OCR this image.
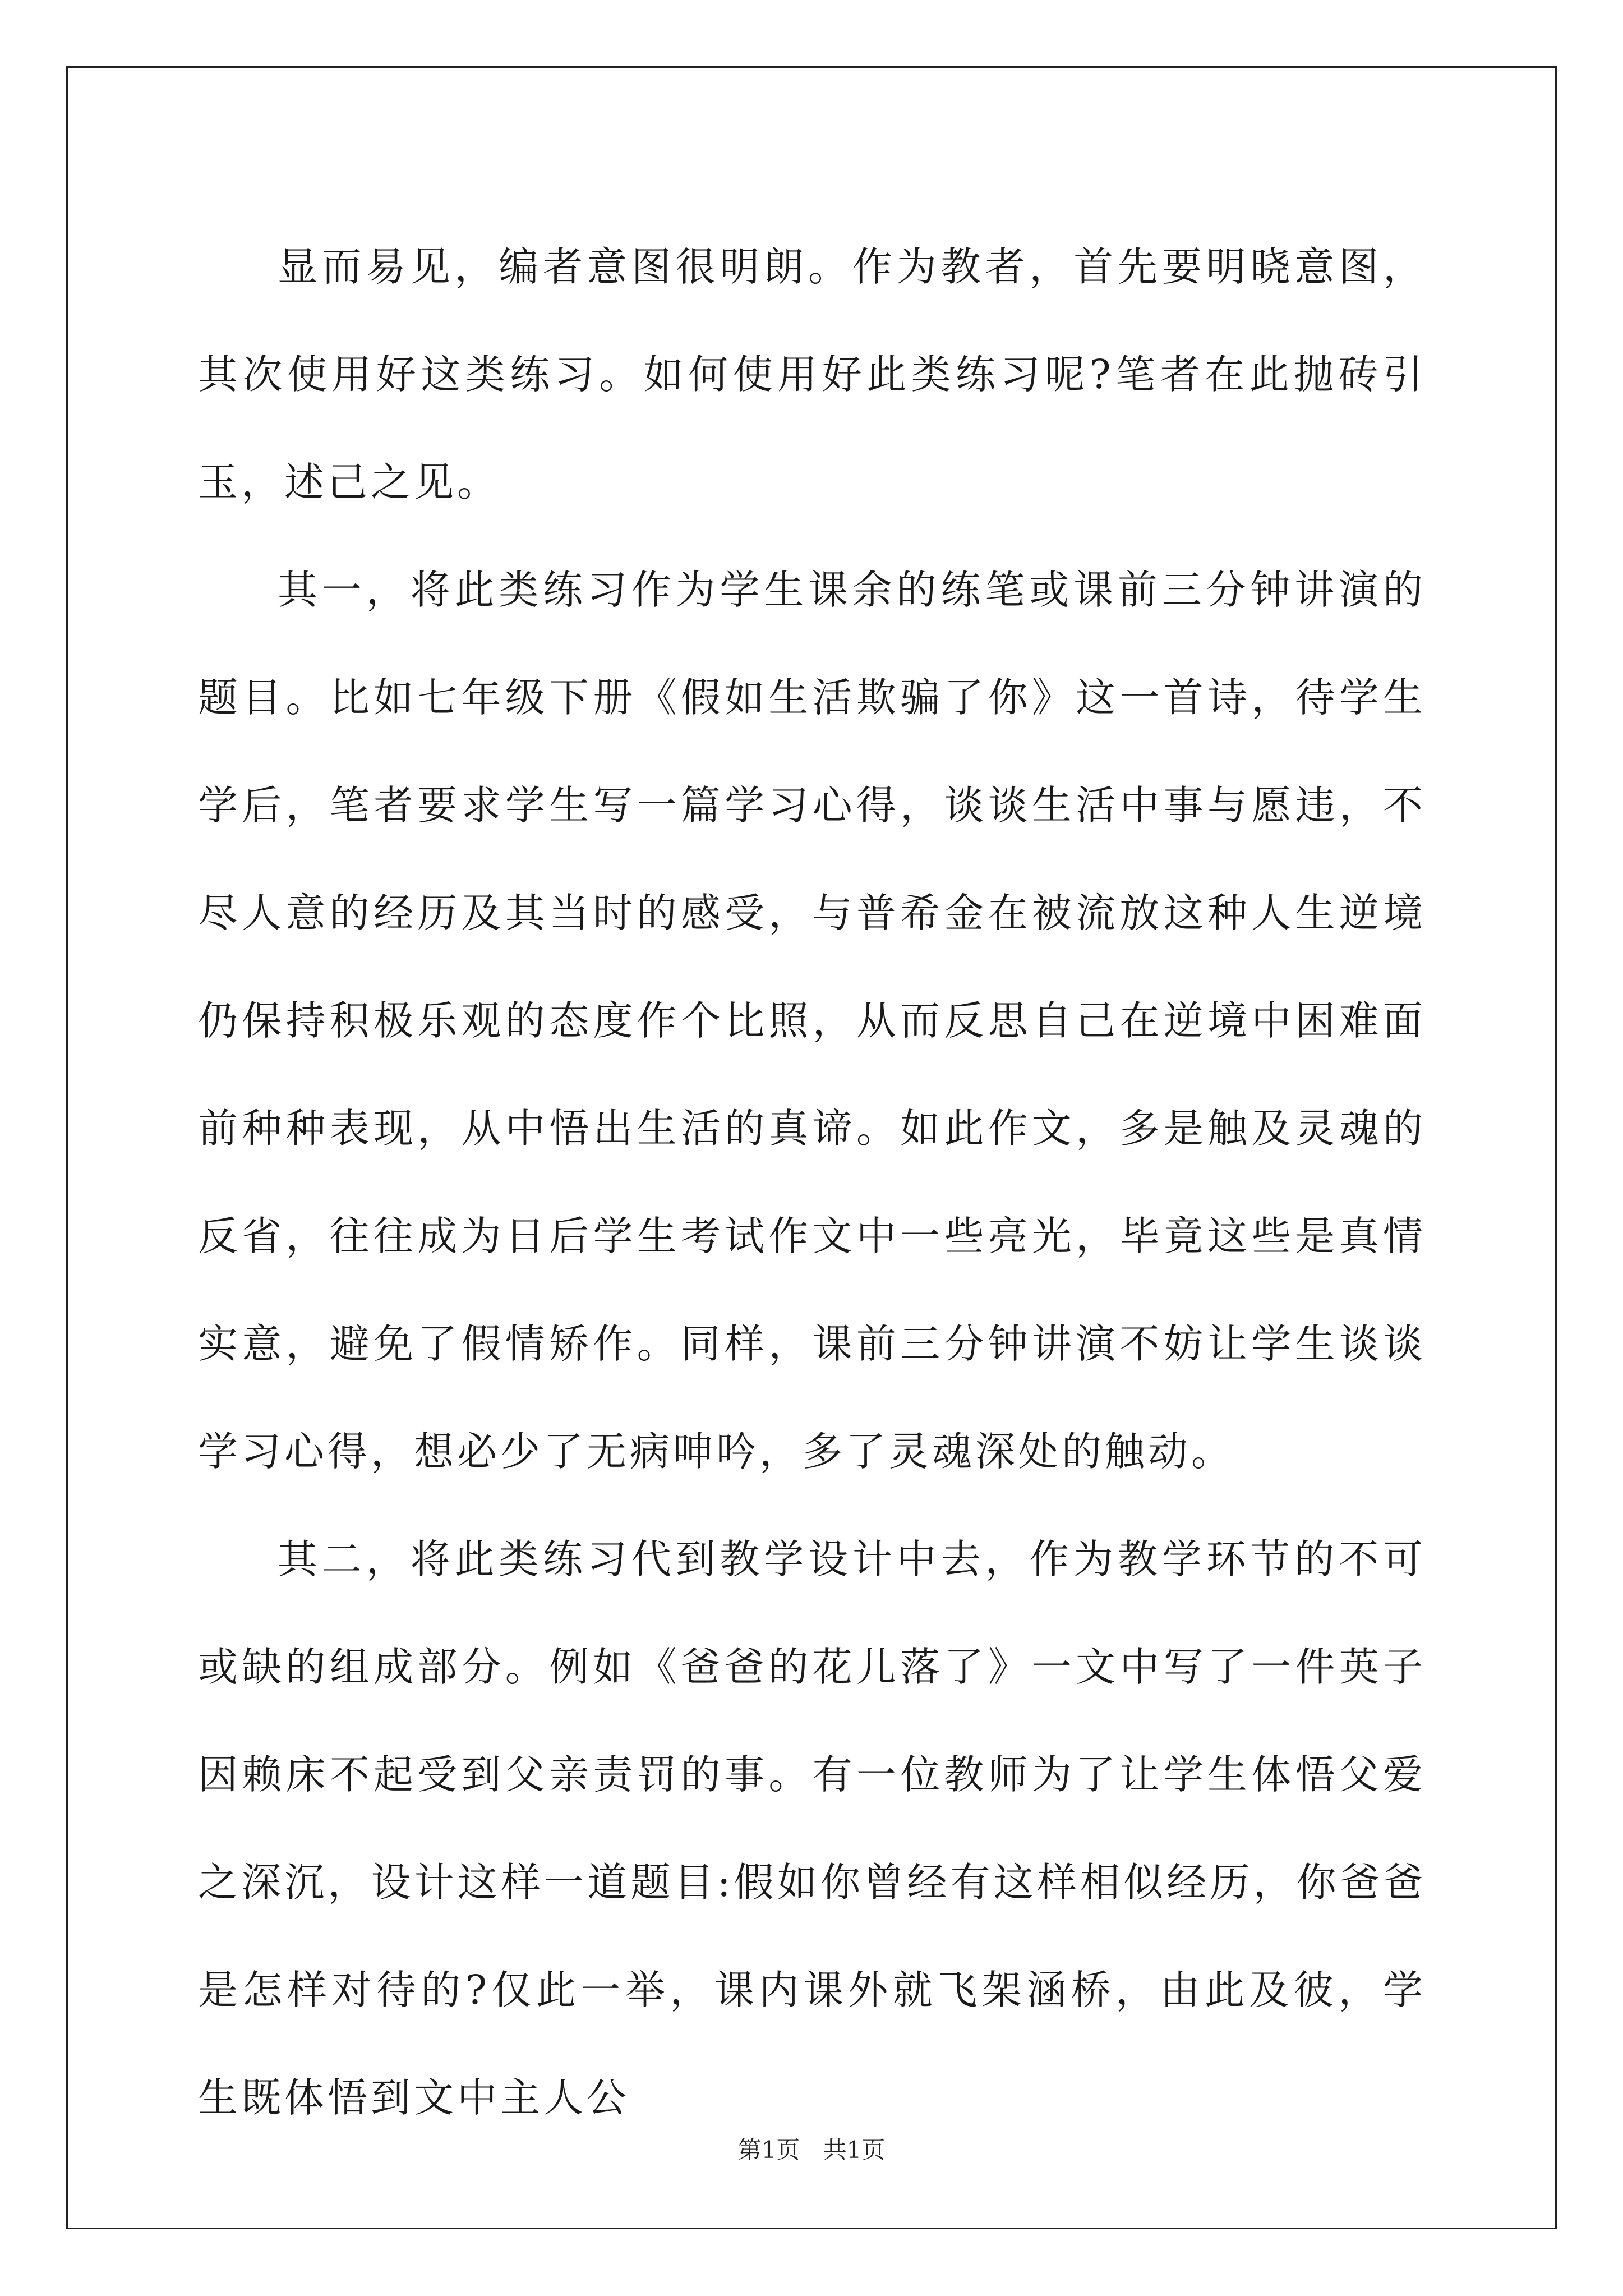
显而易见，编者意图很明朗。作为教者，首先要明晓意图，其次使用好这类练习。如何使用好此类练习呢?笔者在此抛砖引玉，述己之见。

其一，将此类练习作为学生课余的练笔或课前三分钟讲演的题目。比如七年级下册《假如生活欺骗了你》这一首诗，待学生学后，笔者要求学生写一篇学习心得，谈谈生活中事与愿违，不尽人意的经历及其当时的感受，与普希金在被流放这种人生逆境仍保持积极乐观的态度作个比照，从而反思自己在逆境中困难面前种种表现，从中悟出生活的真谛。如此作文，多是触及灵魂的反省，往往成为日后学生考试作文中一些亮光，毕竟这些是真情实意，避免了假情矫作。同样，课前三分钟讲演不妨让学生谈谈学习心得，想必少了无病呻吟，多了灵魂深处的触动。

其二，将此类练习代到教学设计中去，作为教学环节的不可或缺的组成部分。例如《爸爸的花儿落了》一文中写了一件英子因赖床不起受到父亲责罚的事。有一位教师为了让学生体悟父爱之深沉，设计这样一道题目:假如你曾经有这样相似经历，你爸爸是怎样对待的?仅此一举，课内课外就飞架涵桥，由此及彼，学生既体悟到文中主人公

第1页 共1页
